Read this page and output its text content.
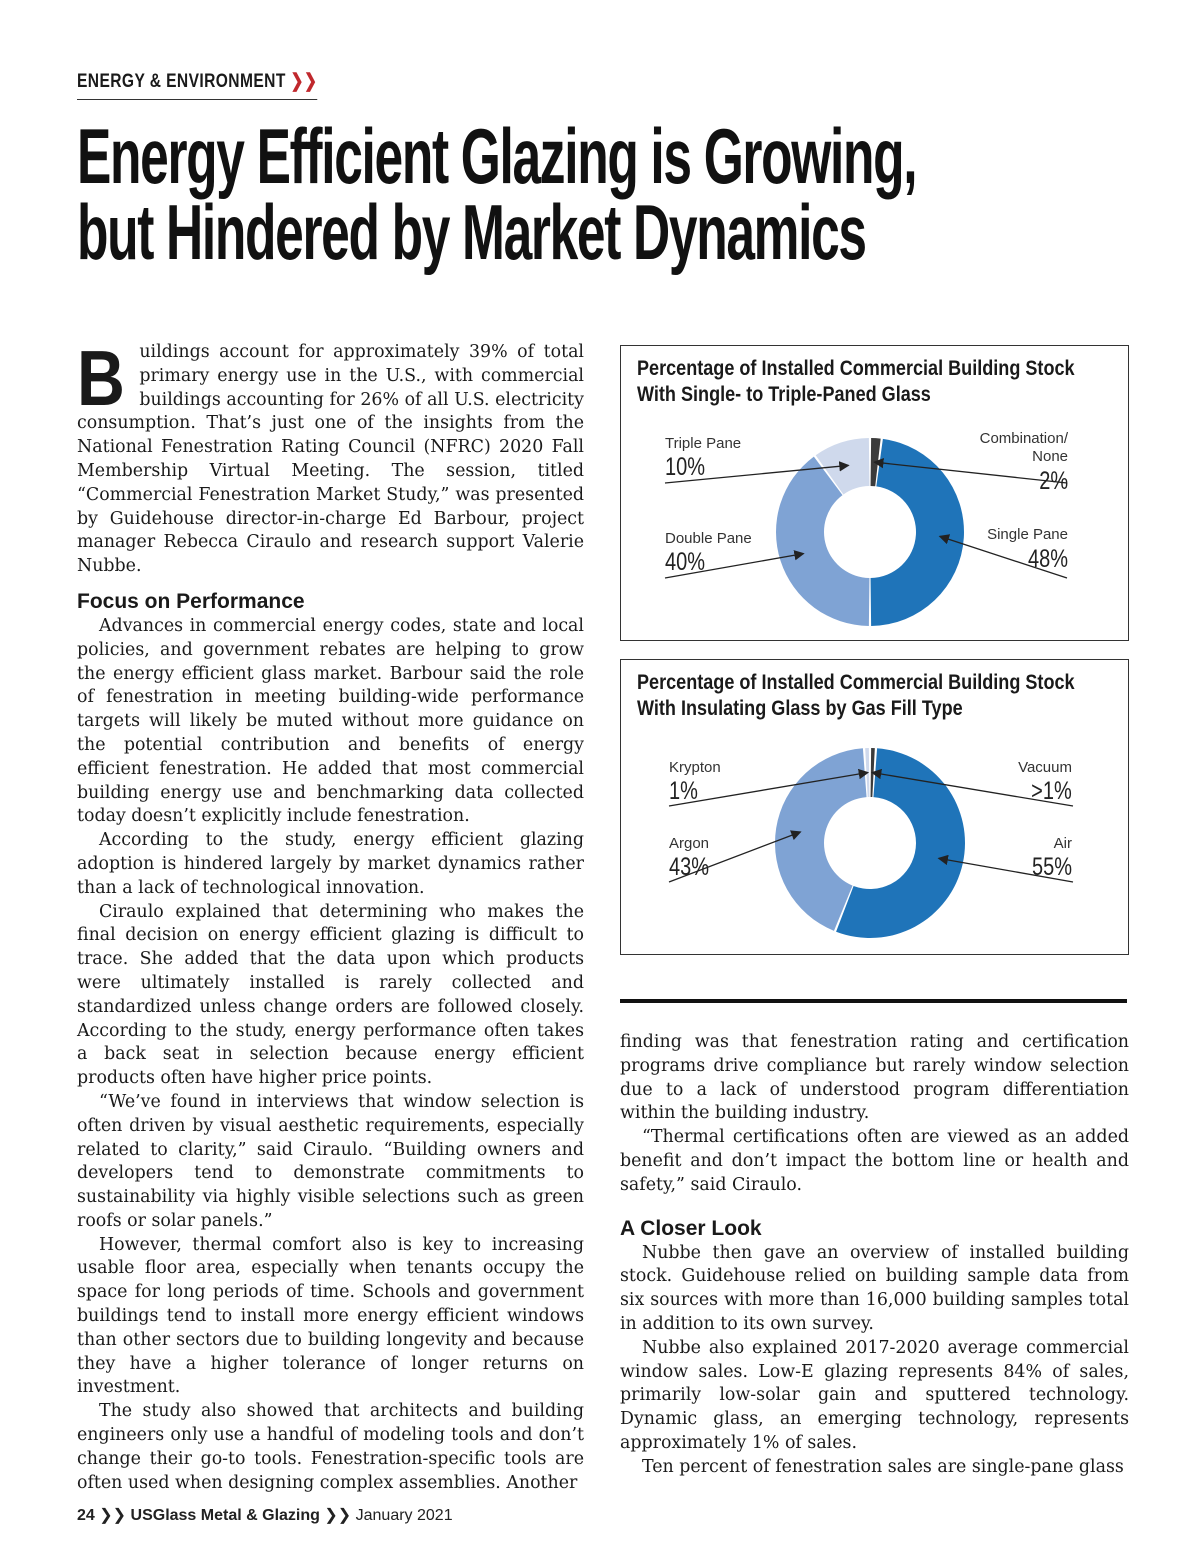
ENERGY & ENVIRONMENT ❯❯
Energy Efficient Glazing is Growing,
but Hindered by Market Dynamics

Buildings account for approximately 39% of total primary energy use in the U.S., with commercial buildings accounting for 26% of all U.S. electricity consumption. That’s just one of the insights from the National Fenestration Rating Council (NFRC) 2020 Fall Membership Virtual Meeting. The session, titled “Commercial Fenestration Market Study,” was presented by Guidehouse director-in-charge Ed Barbour, project manager Rebecca Ciraulo and research support Valerie Nubbe.

Focus on Performance

Advances in commercial energy codes, state and local policies, and government rebates are helping to grow the energy efficient glass market. Barbour said the role of fenestration in meeting building-wide performance targets will likely be muted without more guidance on the potential contribution and benefits of energy efficient fenestration. He added that most commercial building energy use and benchmarking data collected today doesn’t explicitly include fenestration.

According to the study, energy efficient glazing adoption is hindered largely by market dynamics rather than a lack of technological innovation.

Ciraulo explained that determining who makes the final decision on energy efficient glazing is difficult to trace. She added that the data upon which products were ultimately installed is rarely collected and standardized unless change orders are followed closely. According to the study, energy performance often takes a back seat in selection because energy efficient products often have higher price points.

“We’ve found in interviews that window selection is often driven by visual aesthetic requirements, especially related to clarity,” said Ciraulo. “Building owners and developers tend to demonstrate commitments to sustainability via highly visible selections such as green roofs or solar panels.”

However, thermal comfort also is key to increasing usable floor area, especially when tenants occupy the space for long periods of time. Schools and government buildings tend to install more energy efficient windows than other sectors due to building longevity and because they have a higher tolerance of longer returns on investment.

The study also showed that architects and building engineers only use a handful of modeling tools and don’t change their go-to tools. Fenestration-specific tools are often used when designing complex assemblies. Another

Percentage of Installed Commercial Building Stock
With Single- to Triple-Paned Glass
Triple Pane
10%
Double Pane
40%
Combination/
None
2%
Single Pane
48%
Percentage of Installed Commercial Building Stock
With Insulating Glass by Gas Fill Type
Krypton
1%
Argon
43%
Vacuum
>1%
Air
55%

finding was that fenestration rating and certification programs drive compliance but rarely window selection due to a lack of understood program differentiation within the building industry.

“Thermal certifications often are viewed as an added benefit and don’t impact the bottom line or health and safety,” said Ciraulo.

A Closer Look

Nubbe then gave an overview of installed building stock. Guidehouse relied on building sample data from six sources with more than 16,000 building samples total in addition to its own survey.

Nubbe also explained 2017-2020 average commercial window sales. Low-E glazing represents 84% of sales, primarily low-solar gain and sputtered technology. Dynamic glass, an emerging technology, represents approximately 1% of sales.

Ten percent of fenestration sales are single-pane glass

24 ❯❯ USGlass Metal & Glazing ❯❯ January 2021
